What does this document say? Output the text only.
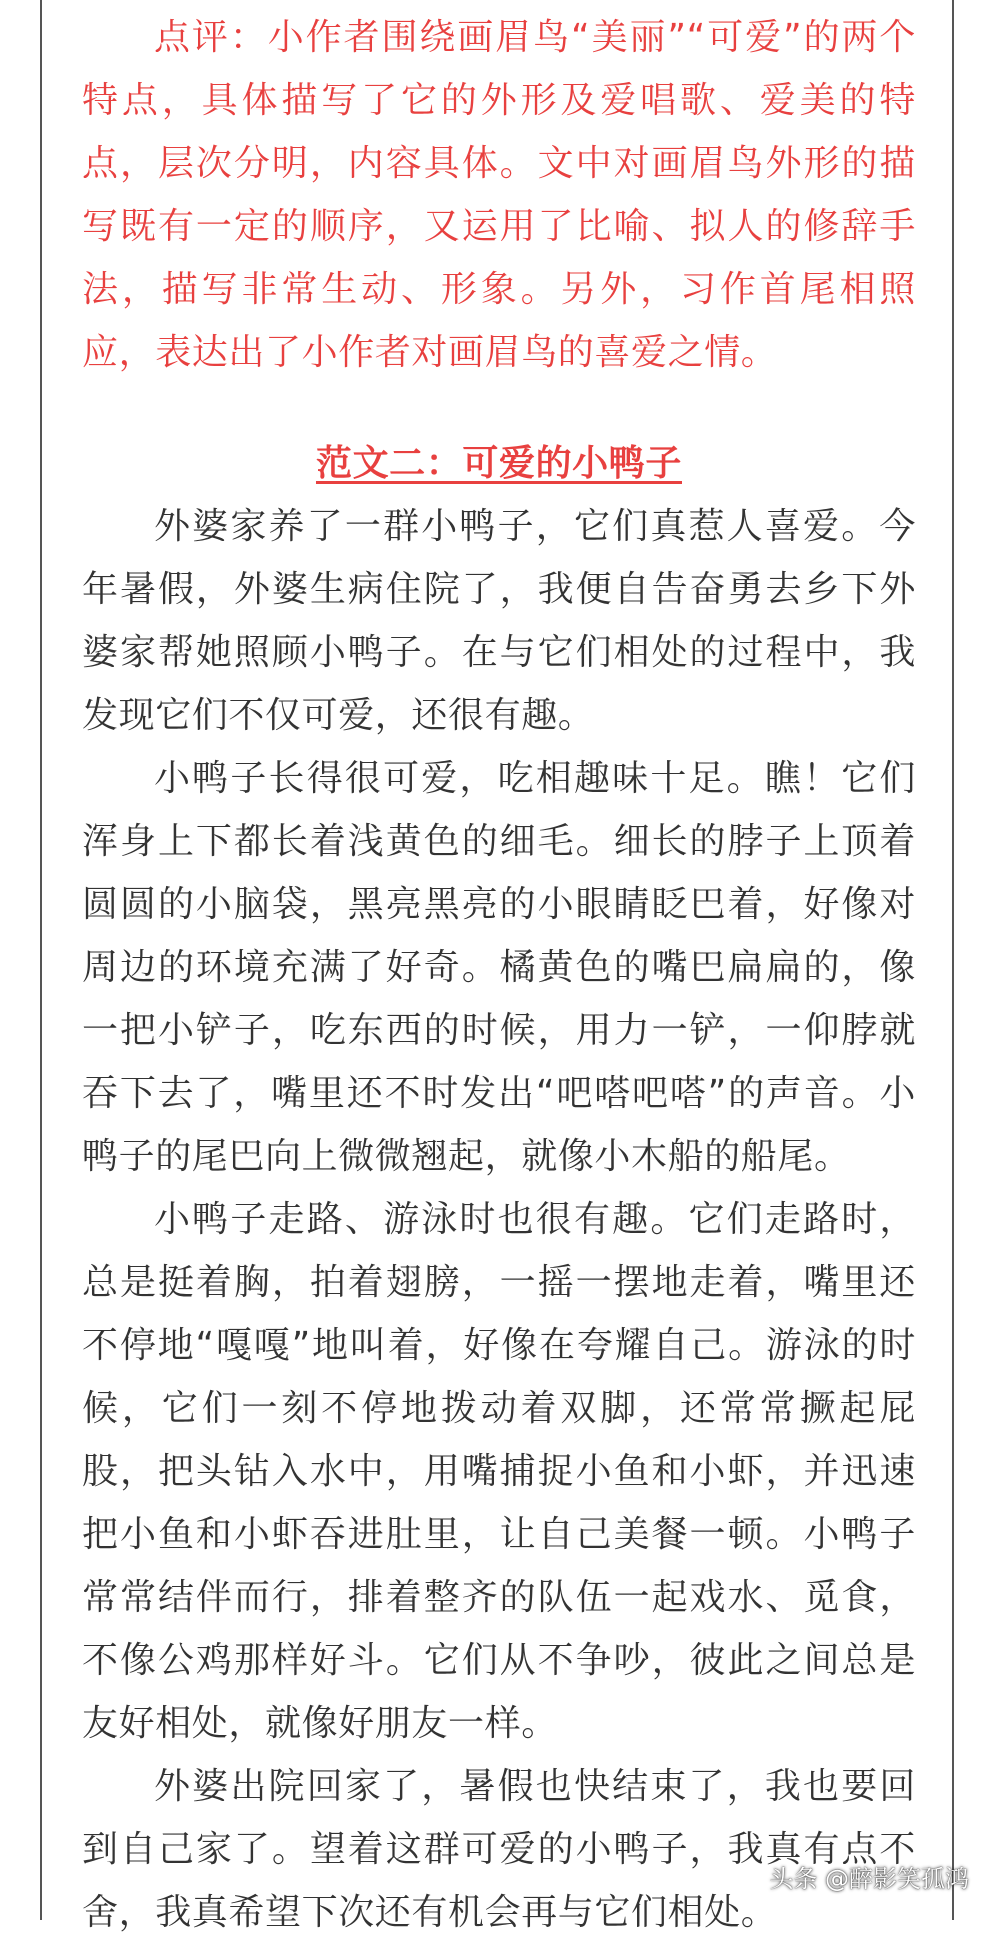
点评：小作者围绕画眉鸟“美丽”“可爱”的两个特点，具体描写了它的外形及爱唱歌、爱美的特点，层次分明，内容具体。文中对画眉鸟外形的描写既有一定的顺序，又运用了比喻、拟人的修辞手法，描写非常生动、形象。另外，习作首尾相照应，表达出了小作者对画眉鸟的喜爱之情。

范文二：可爱的小鸭子

外婆家养了一群小鸭子，它们真惹人喜爱。今年暑假，外婆生病住院了，我便自告奋勇去乡下外婆家帮她照顾小鸭子。在与它们相处的过程中，我发现它们不仅可爱，还很有趣。

小鸭子长得很可爱，吃相趣味十足。瞧！它们浑身上下都长着浅黄色的细毛。细长的脖子上顶着圆圆的小脑袋，黑亮黑亮的小眼睛眨巴着，好像对周边的环境充满了好奇。橘黄色的嘴巴扁扁的，像一把小铲子，吃东西的时候，用力一铲，一仰脖就吞下去了，嘴里还不时发出“吧嗒吧嗒”的声音。小鸭子的尾巴向上微微翘起，就像小木船的船尾。

小鸭子走路、游泳时也很有趣。它们走路时，总是挺着胸，拍着翅膀，一摇一摆地走着，嘴里还不停地“嘎嘎”地叫着，好像在夸耀自己。游泳的时候，它们一刻不停地拨动着双脚，还常常撅起屁股，把头钻入水中，用嘴捕捉小鱼和小虾，并迅速把小鱼和小虾吞进肚里，让自己美餐一顿。小鸭子常常结伴而行，排着整齐的队伍一起戏水、觅食，不像公鸡那样好斗。它们从不争吵，彼此之间总是友好相处，就像好朋友一样。

外婆出院回家了，暑假也快结束了，我也要回到自己家了。望着这群可爱的小鸭子，我真有点不舍，我真希望下次还有机会再与它们相处。

头条 @醉影笑孤鸿
